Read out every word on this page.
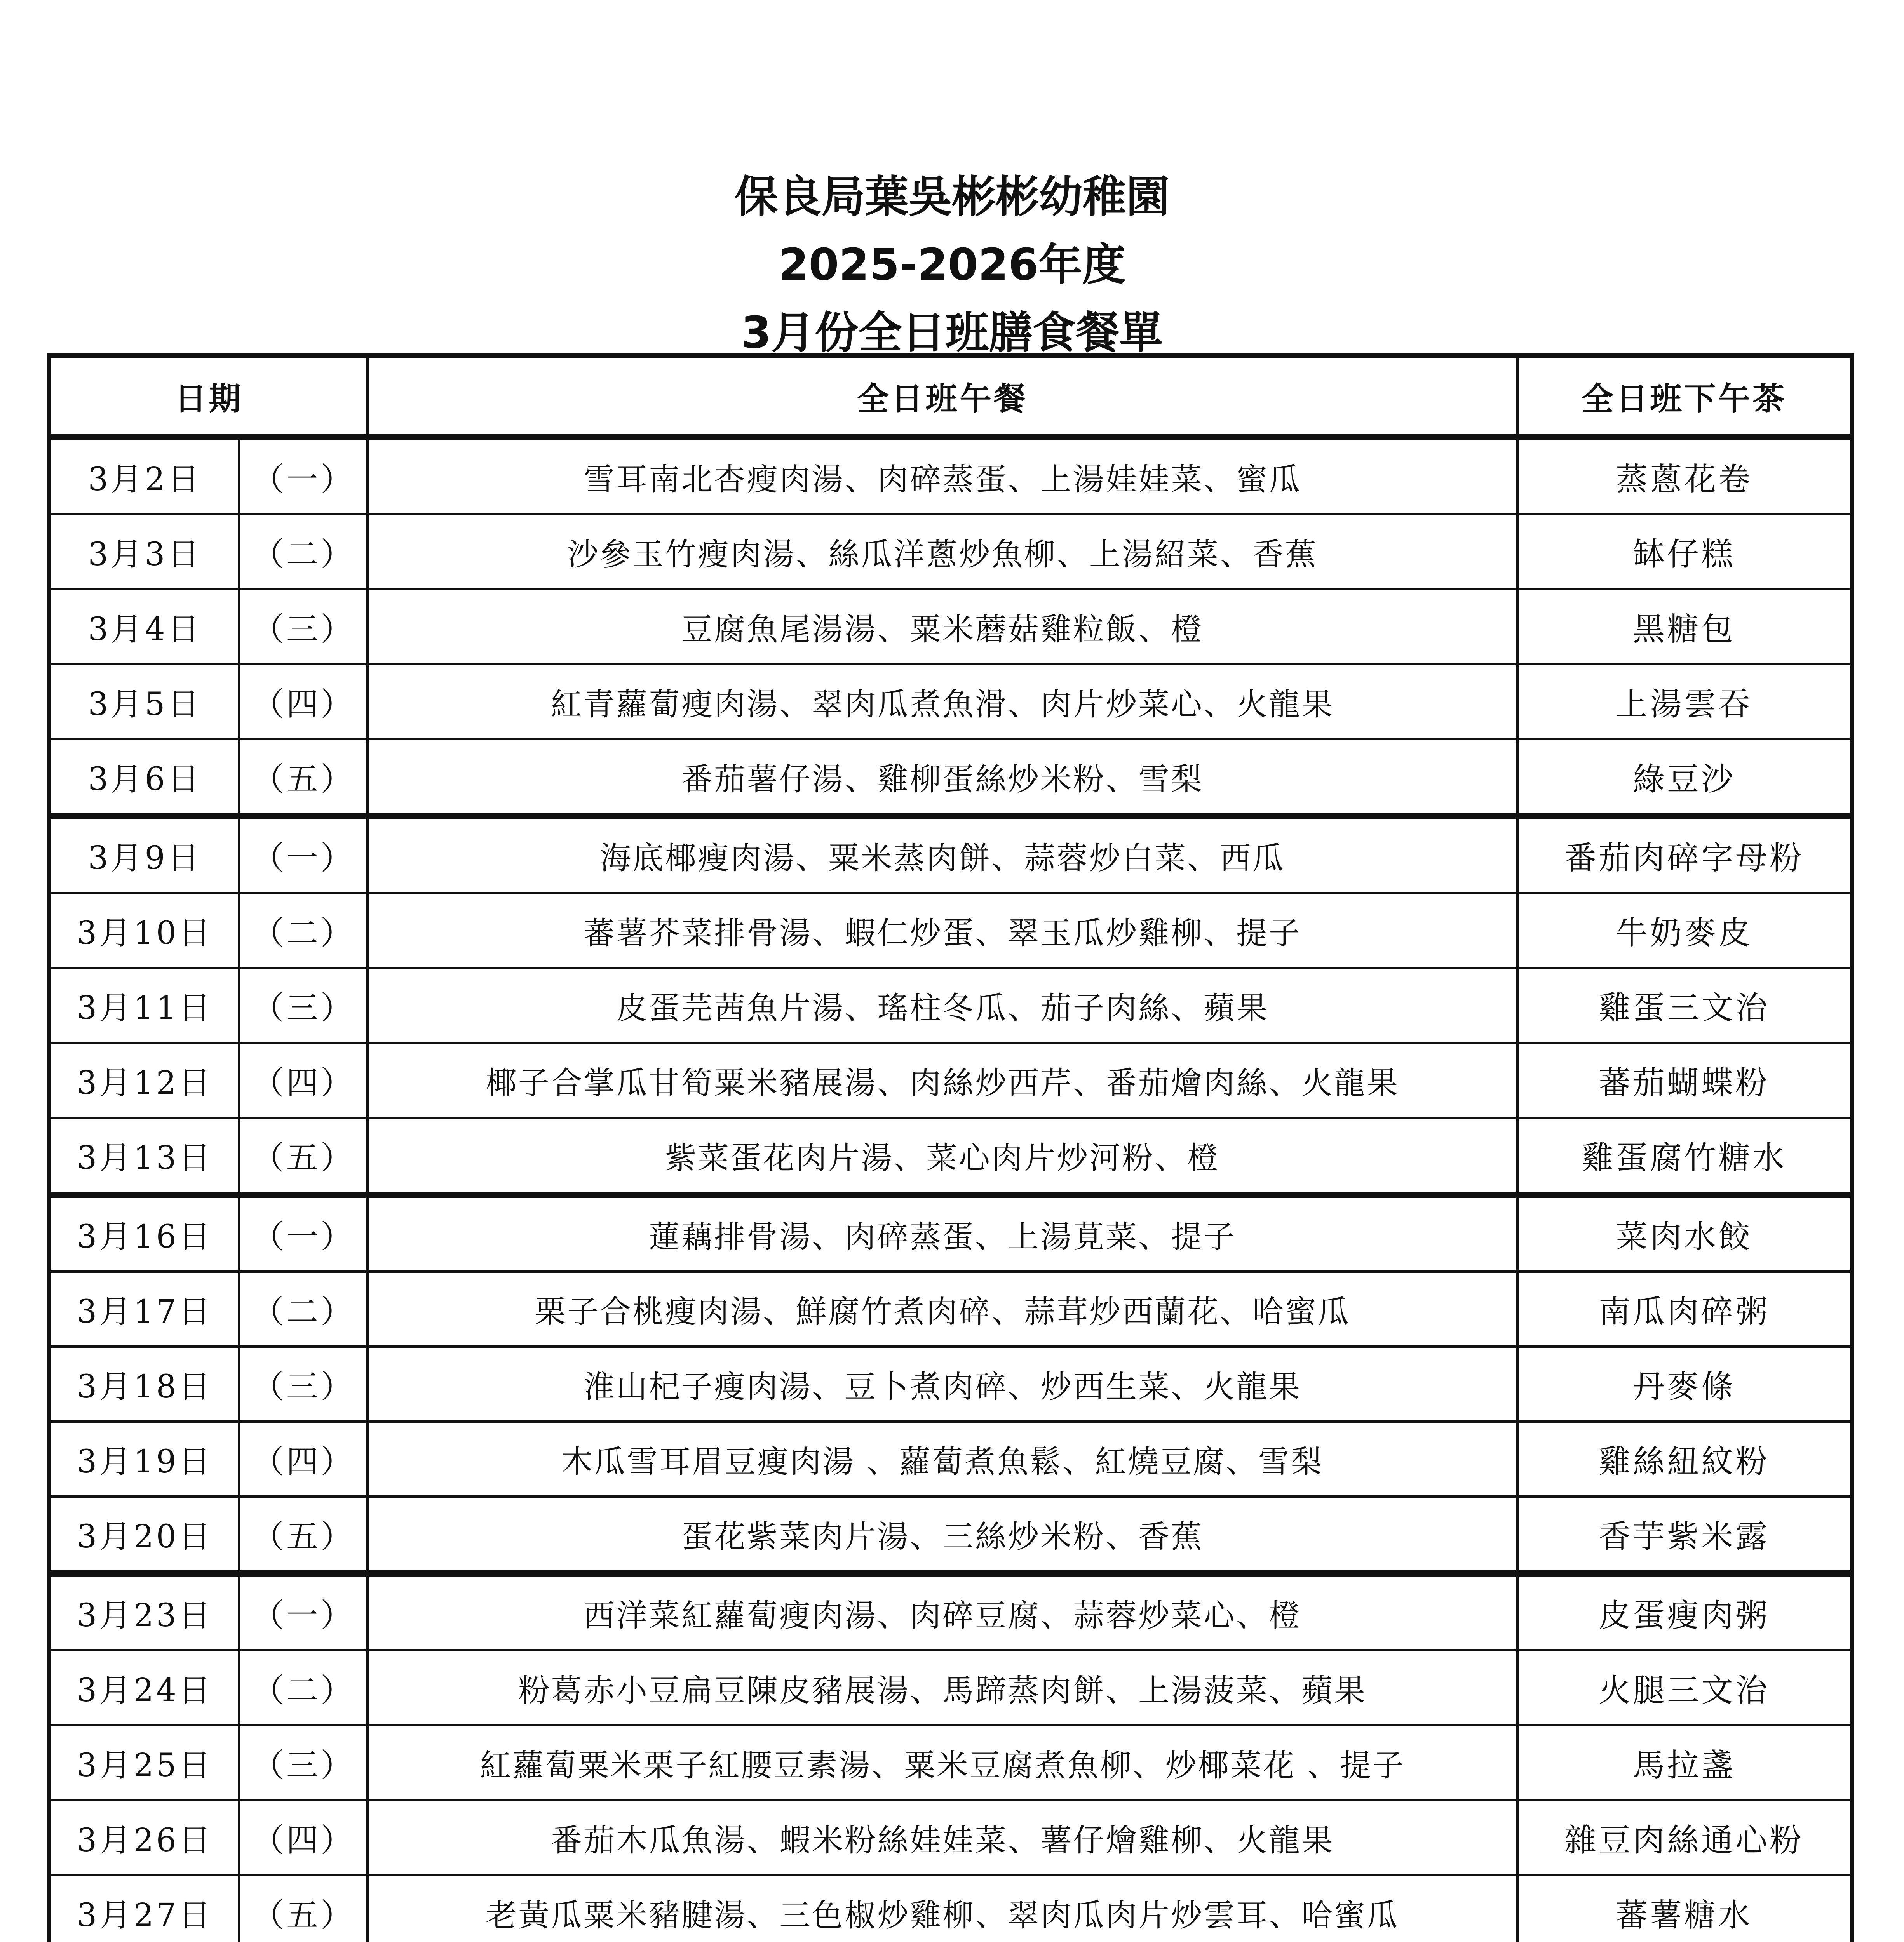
保良局葉吳彬彬幼稚園
2025-2026年度
3月份全日班膳食餐單
日期		全日班午餐	全日班下午茶
3月2日	（一）	雪耳南北杏瘦肉湯、肉碎蒸蛋、上湯娃娃菜、蜜瓜	蒸蔥花卷
3月3日	（二）	沙參玉竹瘦肉湯、絲瓜洋蔥炒魚柳、上湯紹菜、香蕉	缽仔糕
3月4日	（三）	豆腐魚尾湯湯、粟米蘑菇雞粒飯、橙	黑糖包
3月5日	（四）	紅青蘿蔔瘦肉湯、翠肉瓜煮魚滑、肉片炒菜心、火龍果	上湯雲吞
3月6日	（五）	番茄薯仔湯、雞柳蛋絲炒米粉、雪梨	綠豆沙
3月9日	（一）	海底椰瘦肉湯、粟米蒸肉餅、蒜蓉炒白菜、西瓜	番茄肉碎字母粉
3月10日	（二）	蕃薯芥菜排骨湯、蝦仁炒蛋、翠玉瓜炒雞柳、提子	牛奶麥皮
3月11日	（三）	皮蛋芫茜魚片湯、瑤柱冬瓜、茄子肉絲、蘋果	雞蛋三文治
3月12日	（四）	椰子合掌瓜甘筍粟米豬展湯、肉絲炒西芹、番茄燴肉絲、火龍果	蕃茄蝴蝶粉
3月13日	（五）	紫菜蛋花肉片湯、菜心肉片炒河粉、橙	雞蛋腐竹糖水
3月16日	（一）	蓮藕排骨湯、肉碎蒸蛋、上湯莧菜、提子	菜肉水餃
3月17日	（二）	栗子合桃瘦肉湯、鮮腐竹煮肉碎、蒜茸炒西蘭花、哈蜜瓜	南瓜肉碎粥
3月18日	（三）	淮山杞子瘦肉湯、豆卜煮肉碎、炒西生菜、火龍果	丹麥條
3月19日	（四）	木瓜雪耳眉豆瘦肉湯 、蘿蔔煮魚鬆、紅燒豆腐、雪梨	雞絲紐紋粉
3月20日	（五）	蛋花紫菜肉片湯、三絲炒米粉、香蕉	香芋紫米露
3月23日	（一）	西洋菜紅蘿蔔瘦肉湯、肉碎豆腐、蒜蓉炒菜心、橙	皮蛋瘦肉粥
3月24日	（二）	粉葛赤小豆扁豆陳皮豬展湯、馬蹄蒸肉餅、上湯菠菜、蘋果	火腿三文治
3月25日	（三）	紅蘿蔔粟米栗子紅腰豆素湯、粟米豆腐煮魚柳、炒椰菜花 、提子	馬拉盞
3月26日	（四）	番茄木瓜魚湯、蝦米粉絲娃娃菜、薯仔燴雞柳、火龍果	雜豆肉絲通心粉
3月27日	（五）	老黃瓜粟米豬腱湯、三色椒炒雞柳、翠肉瓜肉片炒雲耳、哈蜜瓜	蕃薯糖水
